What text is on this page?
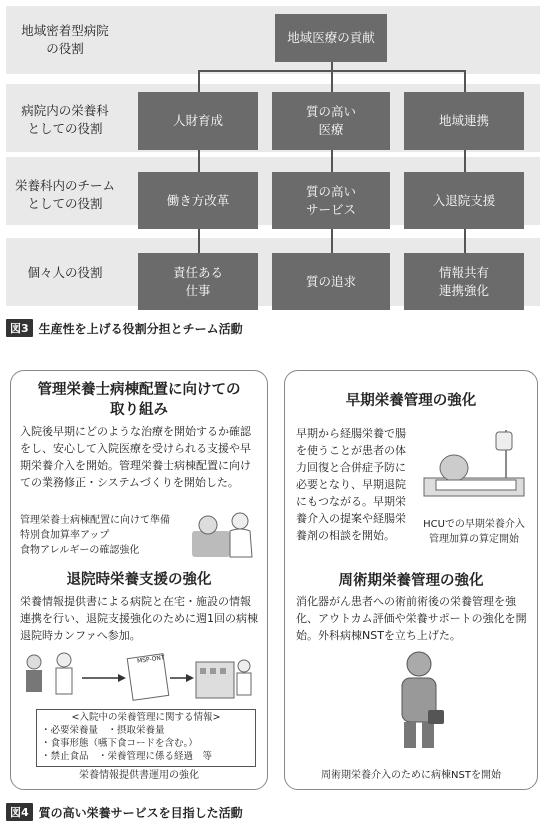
地域密着型病院
の役割
病院内の栄養科
としての役割
栄養科内のチーム
としての役割
個々人の役割
地域医療の貢献
人財育成
質の高い
医療
地域連携
働き方改革
質の高い
サービス
入退院支援
責任ある
仕事
質の追求
情報共有
連携強化
図3 生産性を上げる役割分担とチーム活動
管理栄養士病棟配置に向けての
取り組み
入院後早期にどのような治療を開始するか確認をし、安心して入院医療を受けられる支援や早期栄養介入を開始。管理栄養士病棟配置に向けての業務修正・システムづくりを開始した。
管理栄養士病棟配置に向けて準備
特別食加算率アップ
食物アレルギーの確認強化
退院時栄養支援の強化
栄養情報提供書による病院と在宅・施設の情報連携を行い、退院支援強化のために週1回の病棟退院時カンファへ参加。
MSP-ONT
<入院中の栄養管理に関する情報>
・必要栄養量　・摂取栄養量
・食事形態（嚥下食コードを含む。）
・禁止食品　・栄養管理に係る経過　等
栄養情報提供書運用の強化
早期栄養管理の強化
早期から経腸栄養で腸を使うことが患者の体力回復と合併症予防に必要となり、早期退院にもつながる。早期栄養介入の提案や経腸栄養剤の相談を開始。
HCUでの早期栄養介入
管理加算の算定開始
周術期栄養管理の強化
消化器がん患者への術前術後の栄養管理を強化、アウトカム評価や栄養サポートの強化を開始。外科病棟NSTを立ち上げた。
周術期栄養介入のために病棟NSTを開始
図4 質の高い栄養サービスを目指した活動
